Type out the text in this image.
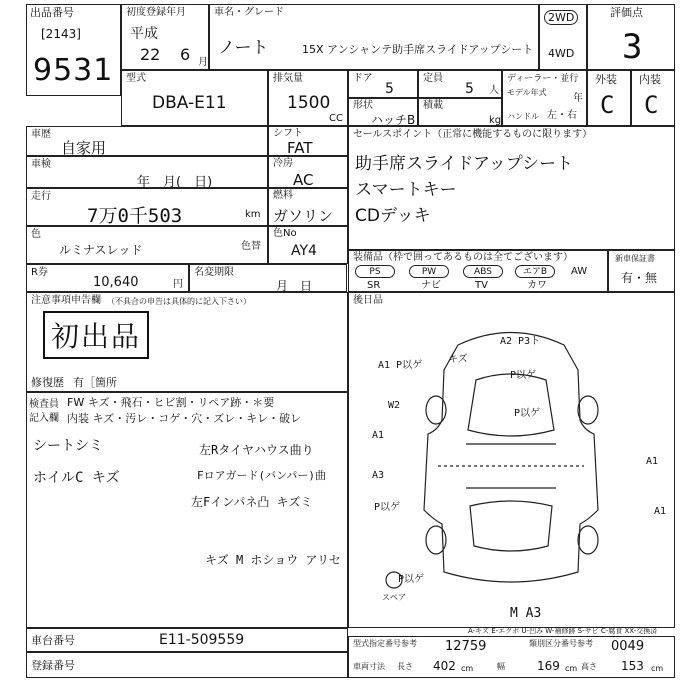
出品番号
[2143]
9531
初度登録年月
平成
22 6 月
車名・グレード
ノート	15X アンシャンテ助手席スライドアップシート
2WD
4WD
評価点
3
型式
DBA-E11
排気量
1500
CC
ドア
5
定員
5 人
形状
ハッチB
積載
kg
ディーラー・並行
モデル年式
年
ハンドル 左・右
外装
C
内装
C
車歴
自家用
車検
年　月(　日)
走行
7万0千503	km
色
ルミナスレッド	色替
R券
10,640	円
名変期限
月　日
シフト
FAT
冷房
AC
燃料
ガソリン
色No
AY4
セールスポイント（正常に機能するものに限ります）
助手席スライドアップシート
スマートキー
CDデッキ
装備品（枠で囲ってあるものは全てございます）
PS	PW	ABS	エアB	AW
SR	ナビ	TV	カワ
新車保証書
有・無
注意事項申告欄 （不具合の申告は具体的に記入下さい）
初出品
修復歴 有［箇所
後日品
検査員
記入欄
FW キズ・飛石・ヒビ割・リペア跡・＊要
内装 キズ・汚レ・コゲ・穴・ズレ・キレ・破レ
シートシミ
ホイルC キズ
左Rタイヤハウス曲り
Fロアガード(バンパー)曲
左Fインパネ凸 キズミ
キズ M ホショウ アリセ
A1 P以ゲ
キズ
A2 P3ト
P以ゲ
W2
A1
P以ゲ
A3
P以ゲ
A1
A1
P以ゲ
M A3
スペア
A-キズ E-エクボ U-凹み W-補修跡 S-サビ C-腐食 XX-交換済
車台番号	E11-509559
登録番号
型式指定番号参考 12759	類別区分番号参考 0049
車両寸法 長さ 402 cm	幅	169 cm 高さ 153 cm
